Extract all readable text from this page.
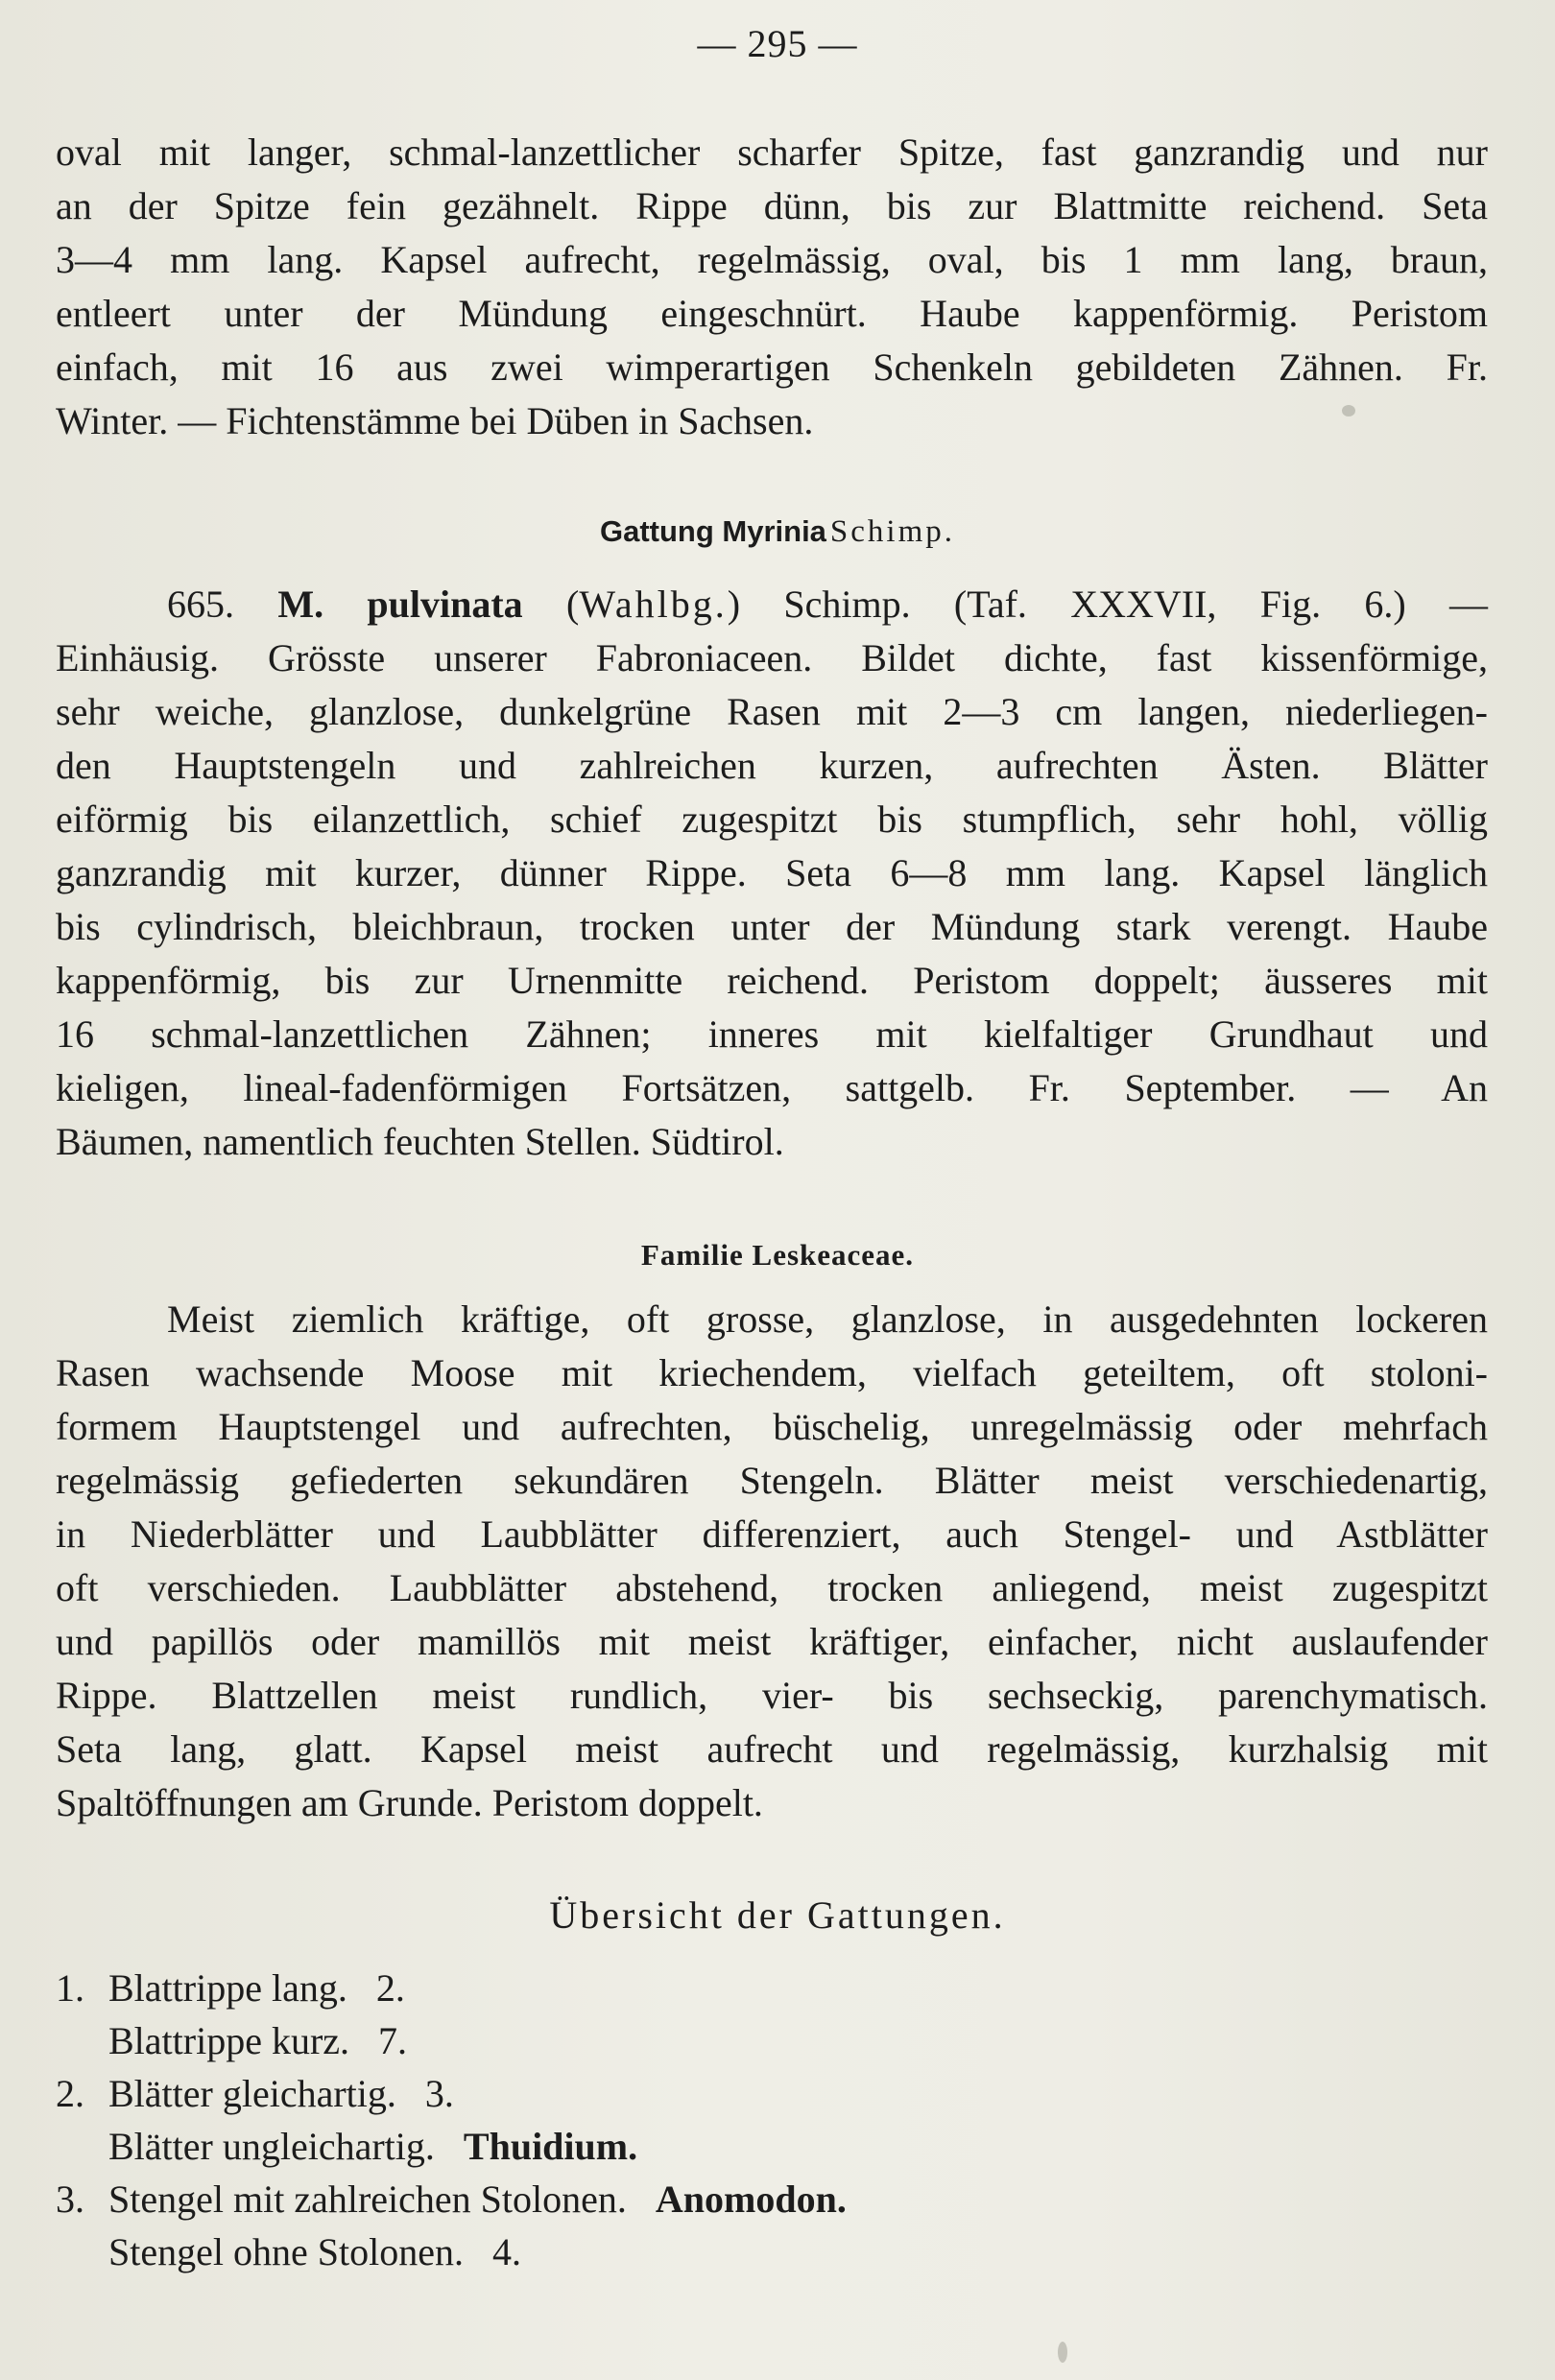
— 295 —
oval mit langer, schmal-lanzettlicher scharfer Spitze, fast ganzrandig und nur
an der Spitze fein gezähnelt. Rippe dünn, bis zur Blattmitte reichend. Seta
3—4 mm lang. Kapsel aufrecht, regelmässig, oval, bis 1 mm lang, braun,
entleert unter der Mündung eingeschnürt. Haube kappenförmig. Peristom
einfach, mit 16 aus zwei wimperartigen Schenkeln gebildeten Zähnen. Fr.
Winter. — Fichtenstämme bei Düben in Sachsen.
Gattung Myrinia Schimp.
665. M. pulvinata (Wahlbg.) Schimp. (Taf. XXXVII, Fig. 6.) —
Einhäusig. Grösste unserer Fabroniaceen. Bildet dichte, fast kissenförmige,
sehr weiche, glanzlose, dunkelgrüne Rasen mit 2—3 cm langen, niederliegen-
den Hauptstengeln und zahlreichen kurzen, aufrechten Ästen. Blätter
eiförmig bis eilanzettlich, schief zugespitzt bis stumpflich, sehr hohl, völlig
ganzrandig mit kurzer, dünner Rippe. Seta 6—8 mm lang. Kapsel länglich
bis cylindrisch, bleichbraun, trocken unter der Mündung stark verengt. Haube
kappenförmig, bis zur Urnenmitte reichend. Peristom doppelt; äusseres mit
16 schmal-lanzettlichen Zähnen; inneres mit kielfaltiger Grundhaut und
kieligen, lineal-fadenförmigen Fortsätzen, sattgelb. Fr. September. — An
Bäumen, namentlich feuchten Stellen. Südtirol.
Familie Leskeaceae.
Meist ziemlich kräftige, oft grosse, glanzlose, in ausgedehnten lockeren
Rasen wachsende Moose mit kriechendem, vielfach geteiltem, oft stoloni-
formem Hauptstengel und aufrechten, büschelig, unregelmässig oder mehrfach
regelmässig gefiederten sekundären Stengeln. Blätter meist verschiedenartig,
in Niederblätter und Laubblätter differenziert, auch Stengel- und Astblätter
oft verschieden. Laubblätter abstehend, trocken anliegend, meist zugespitzt
und papillös oder mamillös mit meist kräftiger, einfacher, nicht auslaufender
Rippe. Blattzellen meist rundlich, vier- bis sechseckig, parenchymatisch.
Seta lang, glatt. Kapsel meist aufrecht und regelmässig, kurzhalsig mit
Spaltöffnungen am Grunde. Peristom doppelt.
Übersicht der Gattungen.
1. Blattrippe lang. 2.
Blattrippe kurz. 7.
2. Blätter gleichartig. 3.
Blätter ungleichartig. Thuidium.
3. Stengel mit zahlreichen Stolonen. Anomodon.
Stengel ohne Stolonen. 4.
